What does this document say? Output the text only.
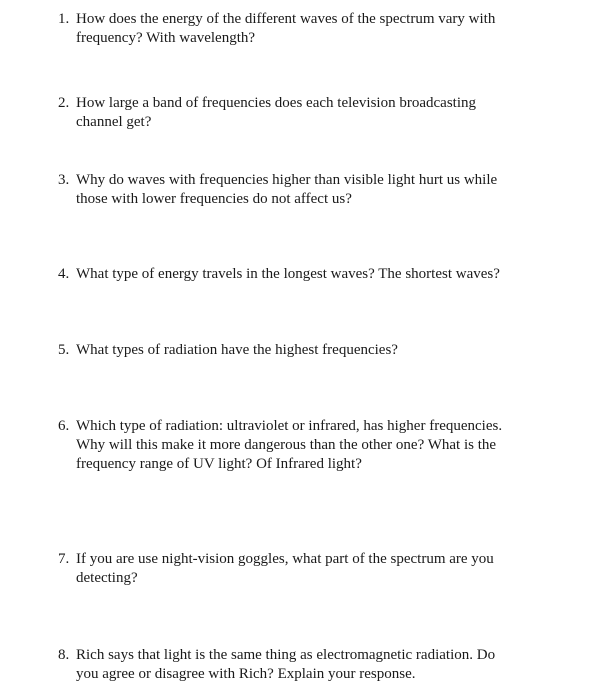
1. How does the energy of the different waves of the spectrum vary with
frequency? With wavelength?
2. How large a band of frequencies does each television broadcasting
channel get?
3. Why do waves with frequencies higher than visible light hurt us while
those with lower frequencies do not affect us?
4. What type of energy travels in the longest waves? The shortest waves?
5. What types of radiation have the highest frequencies?
6. Which type of radiation: ultraviolet or infrared, has higher frequencies.
Why will this make it more dangerous than the other one? What is the
frequency range of UV light? Of Infrared light?
7. If you are use night-vision goggles, what part of the spectrum are you
detecting?
8. Rich says that light is the same thing as electromagnetic radiation. Do
you agree or disagree with Rich? Explain your response.
